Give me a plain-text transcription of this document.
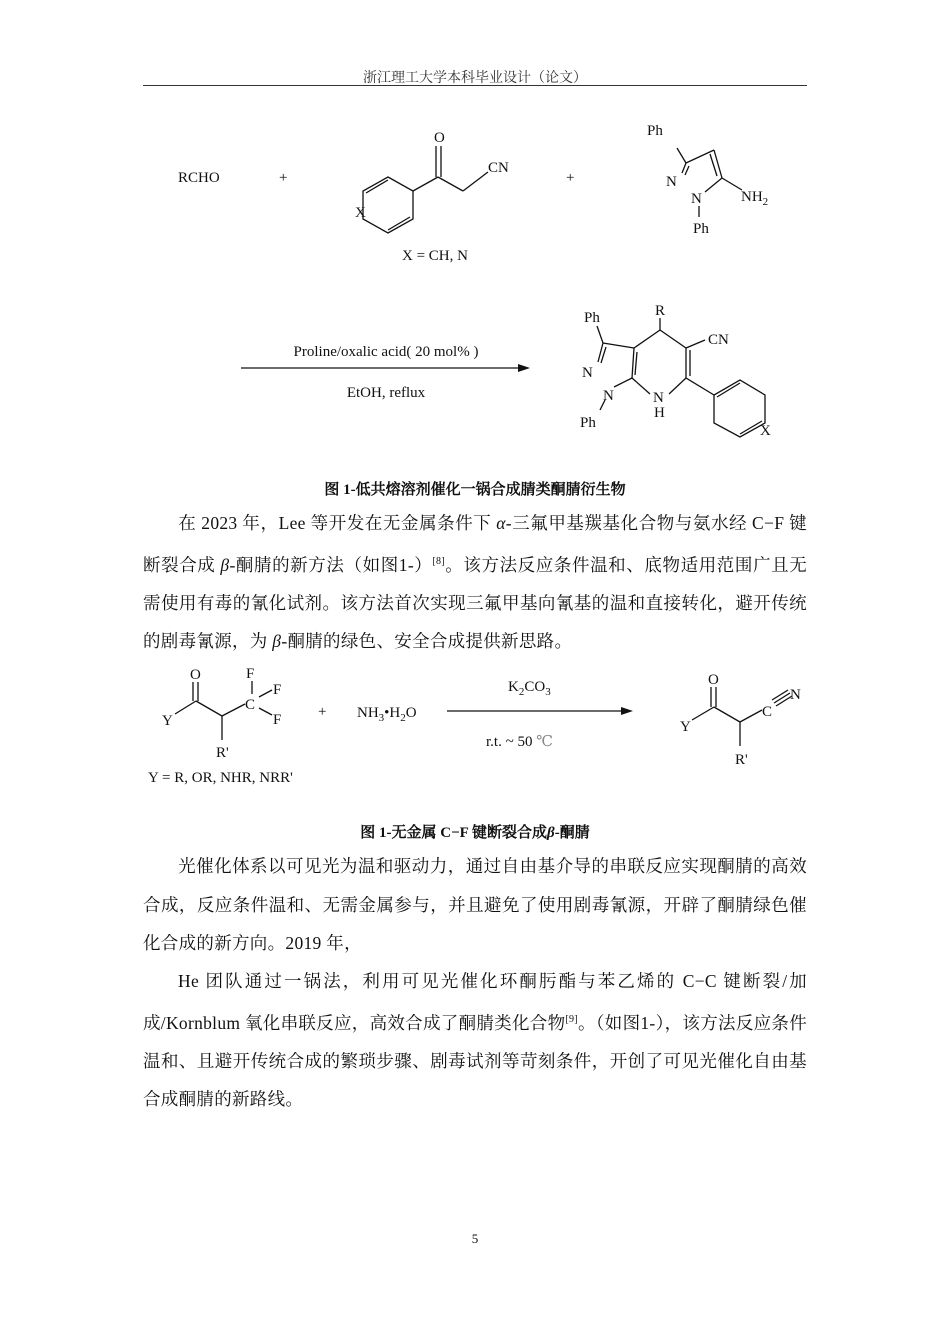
浙江理工大学本科毕业设计（论文）
RCHO	+	+
O
CN
X
X = CH, N
Ph
N
N	$NH_2$
Ph
Proline/oxalic acid( 20 mol% )
EtOH, reflux
R
CN
Ph
N
N	N
H
Ph	X
图 1-低共熔溶剂催化一锅合成腈类酮腈衍生物
在 2023 年，Lee 等开发在无金属条件下 α-三氟甲基羰基化合物与氨水经 C−F 键断裂合成 β-酮腈的新方法（如图1-）[8]。该方法反应条件温和、底物适用范围广且无需使用有毒的氰化试剂。该方法首次实现三氟甲基向氰基的温和直接转化，避开传统的剧毒氰源，为 β-酮腈的绿色、安全合成提供新思路。
O	F
F
F
C
Y
R'
Y = R, OR, NHR, NRR'
+ $NH_3•H_2O$
$K_2CO_3$
r.t. ~ 50 ℃
O
Y
C
N
R'
图 1-无金属 C−F 键断裂合成β-酮腈
光催化体系以可见光为温和驱动力，通过自由基介导的串联反应实现酮腈的高效合成，反应条件温和、无需金属参与，并且避免了使用剧毒氰源，开辟了酮腈绿色催化合成的新方向。2019 年，
He 团队通过一锅法，利用可见光催化环酮肟酯与苯乙烯的 C−C 键断裂/加成/Kornblum 氧化串联反应，高效合成了酮腈类化合物[9]。（如图1-），该方法反应条件温和、且避开传统合成的繁琐步骤、剧毒试剂等苛刻条件，开创了可见光催化自由基合成酮腈的新路线。
5
